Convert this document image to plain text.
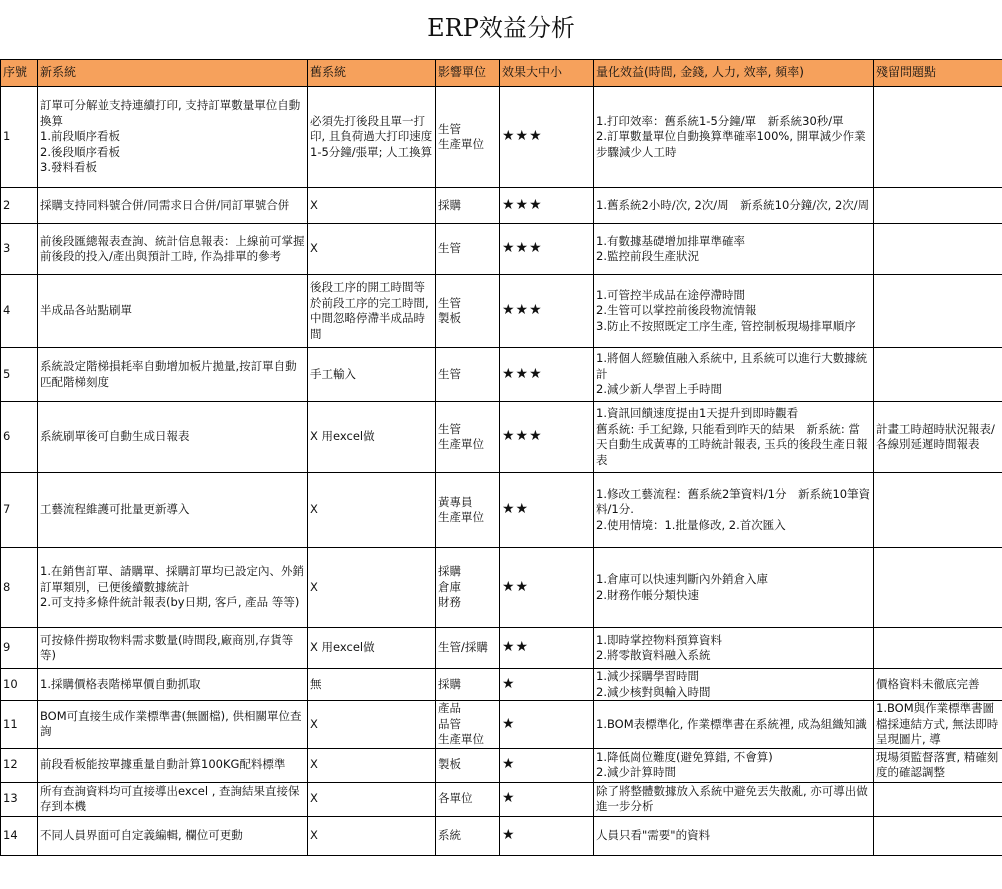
ERP效益分析
序號	新系統	舊系統	影響單位	效果大中小	量化效益(時間, 金錢, 人力, 效率, 頻率)	殘留問題點
1	訂單可分解並支持連續打印, 支持訂單數量單位自動換算
1.前段順序看板
2.後段順序看板
3.發料看板	必須先打後段且單一打印, 且負荷過大打印速度1-5分鐘/張單; 人工換算	生管
生產單位	★★★	1.打印效率：舊系統1-5分鐘/單　新系統30秒/單
2.訂單數量單位自動換算準確率100%, 開單減少作業步驟減少人工時	
2	採購支持同料號合併/同需求日合併/同訂單號合併	X	採購	★★★	1.舊系統2小時/次, 2次/周　新系統10分鐘/次, 2次/周	
3	前後段匯總報表查詢、統計信息報表：上線前可掌握前後段的投入/產出與預計工時, 作為排單的參考	X	生管	★★★	1.有數據基礎增加排單準確率
2.監控前段生產狀況	
4	半成品各站點刷單	後段工序的開工時間等於前段工序的完工時間, 中間忽略停滯半成品時間	生管
製板	★★★	1.可管控半成品在途停滯時間
2.生管可以掌控前後段物流情報
3.防止不按照既定工序生產, 管控制板現場排單順序	
5	系統設定階梯損耗率自動增加板片拋量,按訂單自動匹配階梯刻度	手工輸入	生管	★★★	1.將個人經驗值融入系統中, 且系統可以進行大數據統計
2.減少新人學習上手時間	
6	系統刷單後可自動生成日報表	X 用excel做	生管
生產單位	★★★	1.資訊回饋速度提由1天提升到即時觀看
舊系統: 手工紀錄, 只能看到昨天的結果　新系統: 當天自動生成黃專的工時統計報表, 玉兵的後段生產日報表	計畫工時超時狀況報表/各線別延遲時間報表
7	工藝流程維護可批量更新導入	X	黃專員
生產單位	★★	1.修改工藝流程：舊系統2筆資料/1分　新系統10筆資料/1分.
2.使用情境：1.批量修改, 2.首次匯入	
8	1.在銷售訂單、請購單、採購訂單均已設定內、外銷訂單類別，已便後續數據統計
2.可支持多條件統計報表(by日期, 客戶, 產品 等等)	X	採購
倉庫
財務	★★	1.倉庫可以快速判斷內外銷倉入庫
2.財務作帳分類快速	
9	可按條件撈取物料需求數量(時間段,廠商別,存貨等等)	X 用excel做	生管/採購	★★	1.即時掌控物料預算資料
2.將零散資料融入系統	
10	1.採購價格表階梯單價自動抓取	無	採購	★	1.減少採購學習時間
2.減少核對與輸入時間	價格資料未徹底完善
11	BOM可直接生成作業標準書(無圖檔), 供相關單位查詢	X	產品
品管
生產單位	★	1.BOM表標準化, 作業標準書在系統裡, 成為組織知識	1.BOM與作業標準書圖檔採連結方式, 無法即時呈現圖片, 導
12	前段看板能按單據重量自動計算100KG配料標準	X	製板	★	1.降低崗位難度(避免算錯, 不會算)
2.減少計算時間	現場須監督落實, 精確刻度的確認調整
13	所有查詢資料均可直接導出excel , 查詢結果直接保存到本機	X	各單位	★	除了將整體數據放入系統中避免丟失散亂, 亦可導出做進一步分析	
14	不同人員界面可自定義編輯, 欄位可更動	X	系統	★	人員只看"需要"的資料	
